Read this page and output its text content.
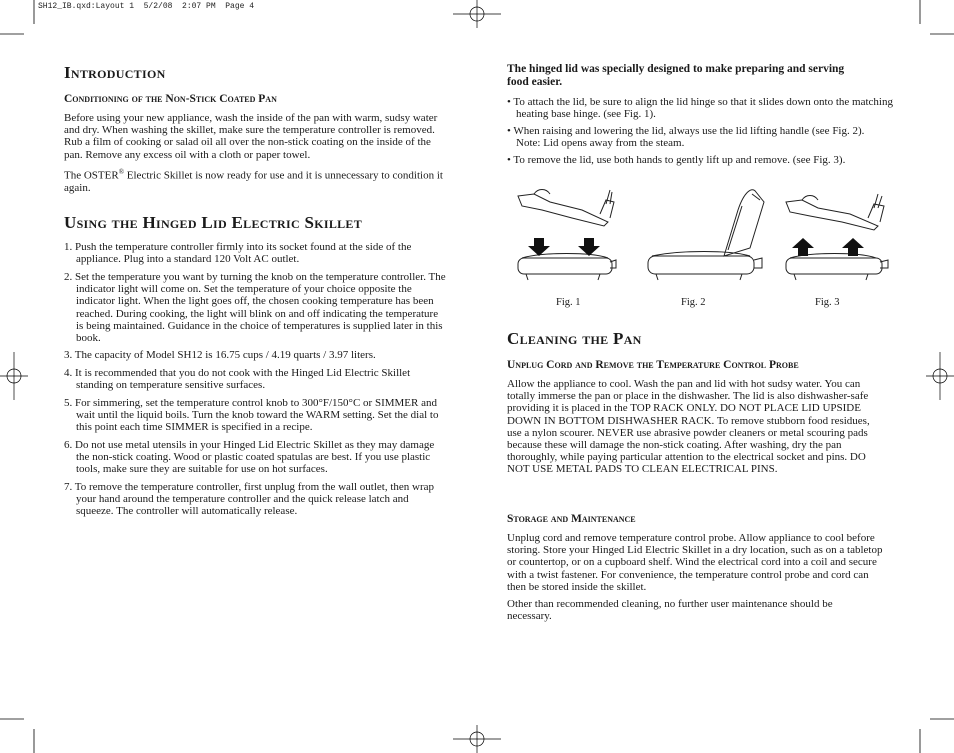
SH12_IB.qxd:Layout 1  5/2/08  2:07 PM  Page 4
Introduction
Conditioning of the Non-Stick Coated Pan

Before using your new appliance, wash the inside of the pan with warm, sudsy water and dry. When washing the skillet, make sure the temperature controller is removed. Rub a film of cooking or salad oil all over the non-stick coating on the inside of the pan. Remove any excess oil with a cloth or paper towel.

The OSTER® Electric Skillet is now ready for use and it is unnecessary to condition it again.

Using the Hinged Lid Electric Skillet

1. Push the temperature controller firmly into its socket found at the side of the appliance. Plug into a standard 120 Volt AC outlet.

2. Set the temperature you want by turning the knob on the temperature controller. The indicator light will come on. Set the temperature of your choice opposite the indicator light. When the light goes off, the chosen cooking temperature has been reached. During cooking, the light will blink on and off indicating the temperature is being maintained. Guidance in the choice of temperatures is supplied later in this book.

3. The capacity of Model SH12 is 16.75 cups / 4.19 quarts / 3.97 liters.

4. It is recommended that you do not cook with the Hinged Lid Electric Skillet standing on temperature sensitive surfaces.

5. For simmering, set the temperature control knob to 300°F/150°C or SIMMER and wait until the liquid boils. Turn the knob toward the WARM setting. Set the dial to this point each time SIMMER is specified in a recipe.

6. Do not use metal utensils in your Hinged Lid Electric Skillet as they may damage the non-stick coating. Wood or plastic coated spatulas are best. If you use plastic tools, make sure they are suitable for use on hot surfaces.

7. To remove the temperature controller, first unplug from the wall outlet, then wrap your hand around the temperature controller and the quick release latch and squeeze. The controller will automatically release.

The hinged lid was specially designed to make preparing and serving food easier.

• To attach the lid, be sure to align the lid hinge so that it slides down onto the matching heating base hinge. (see Fig. 1).

• When raising and lowering the lid, always use the lid lifting handle (see Fig. 2).
Note: Lid opens away from the steam.

• To remove the lid, use both hands to gently lift up and remove. (see Fig. 3).

Fig. 1	Fig. 2	Fig. 3
Cleaning the Pan
Unplug Cord and Remove the Temperature Control Probe

Allow the appliance to cool. Wash the pan and lid with hot sudsy water. You can totally immerse the pan or place in the dishwasher. The lid is also dishwasher-safe providing it is placed in the TOP RACK ONLY. DO NOT PLACE LID UPSIDE DOWN IN BOTTOM DISHWASHER RACK. To remove stubborn food residues, use a nylon scourer. NEVER use abrasive powder cleaners or metal scouring pads because these will damage the non-stick coating. After washing, dry the pan thoroughly, while paying particular attention to the electrical socket and pins. DO NOT USE METAL PADS TO CLEAN ELECTRICAL PINS.

Storage and Maintenance

Unplug cord and remove temperature control probe. Allow appliance to cool before storing. Store your Hinged Lid Electric Skillet in a dry location, such as on a tabletop or countertop, or on a cupboard shelf. Wind the electrical cord into a coil and secure with a twist fastener. For convenience, the temperature control probe and cord can then be stored inside the skillet.

Other than recommended cleaning, no further user maintenance should be necessary.
